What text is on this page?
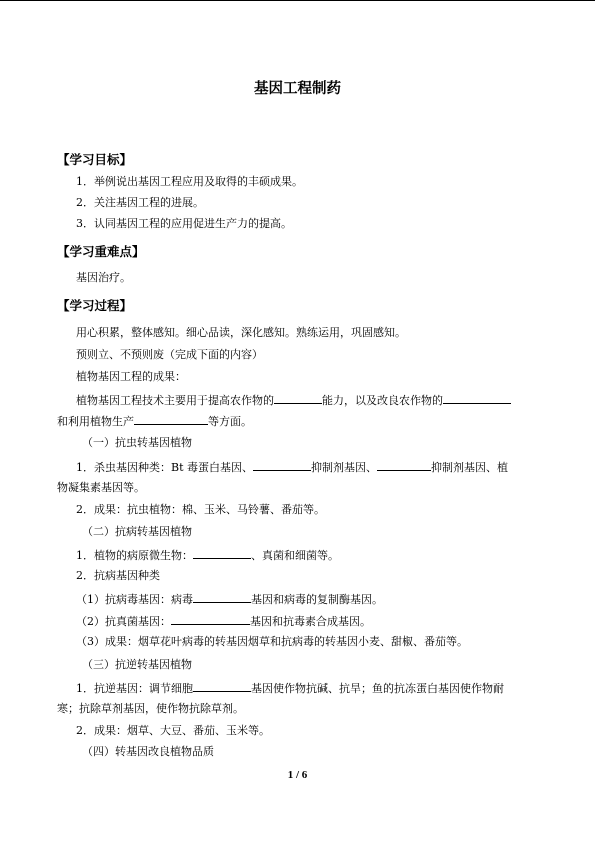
基因工程制药
【学习目标】
1．举例说出基因工程应用及取得的丰硕成果。
2．关注基因工程的进展。
3．认同基因工程的应用促进生产力的提高。
【学习重难点】
基因治疗。
【学习过程】
用心积累，整体感知。细心品读，深化感知。熟练运用，巩固感知。
预则立、不预则废（完成下面的内容）
植物基因工程的成果：
植物基因工程技术主要用于提高农作物的	能力，以及改良农作物的
和利用植物生产	等方面。
（一）抗虫转基因植物
1．杀虫基因种类：Bt 毒蛋白基因、	抑制剂基因、	抑制剂基因、植
物凝集素基因等。
2．成果：抗虫植物：棉、玉米、马铃薯、番茄等。
（二）抗病转基因植物
1．植物的病原微生物：	、真菌和细菌等。
2．抗病基因种类
（1）抗病毒基因：病毒	基因和病毒的复制酶基因。
（2）抗真菌基因：	基因和抗毒素合成基因。
（3）成果：烟草花叶病毒的转基因烟草和抗病毒的转基因小麦、甜椒、番茄等。
（三）抗逆转基因植物
1．抗逆基因：调节细胞	基因使作物抗碱、抗旱；鱼的抗冻蛋白基因使作物耐
寒；抗除草剂基因，使作物抗除草剂。
2．成果：烟草、大豆、番茄、玉米等。
（四）转基因改良植物品质
1 / 6
